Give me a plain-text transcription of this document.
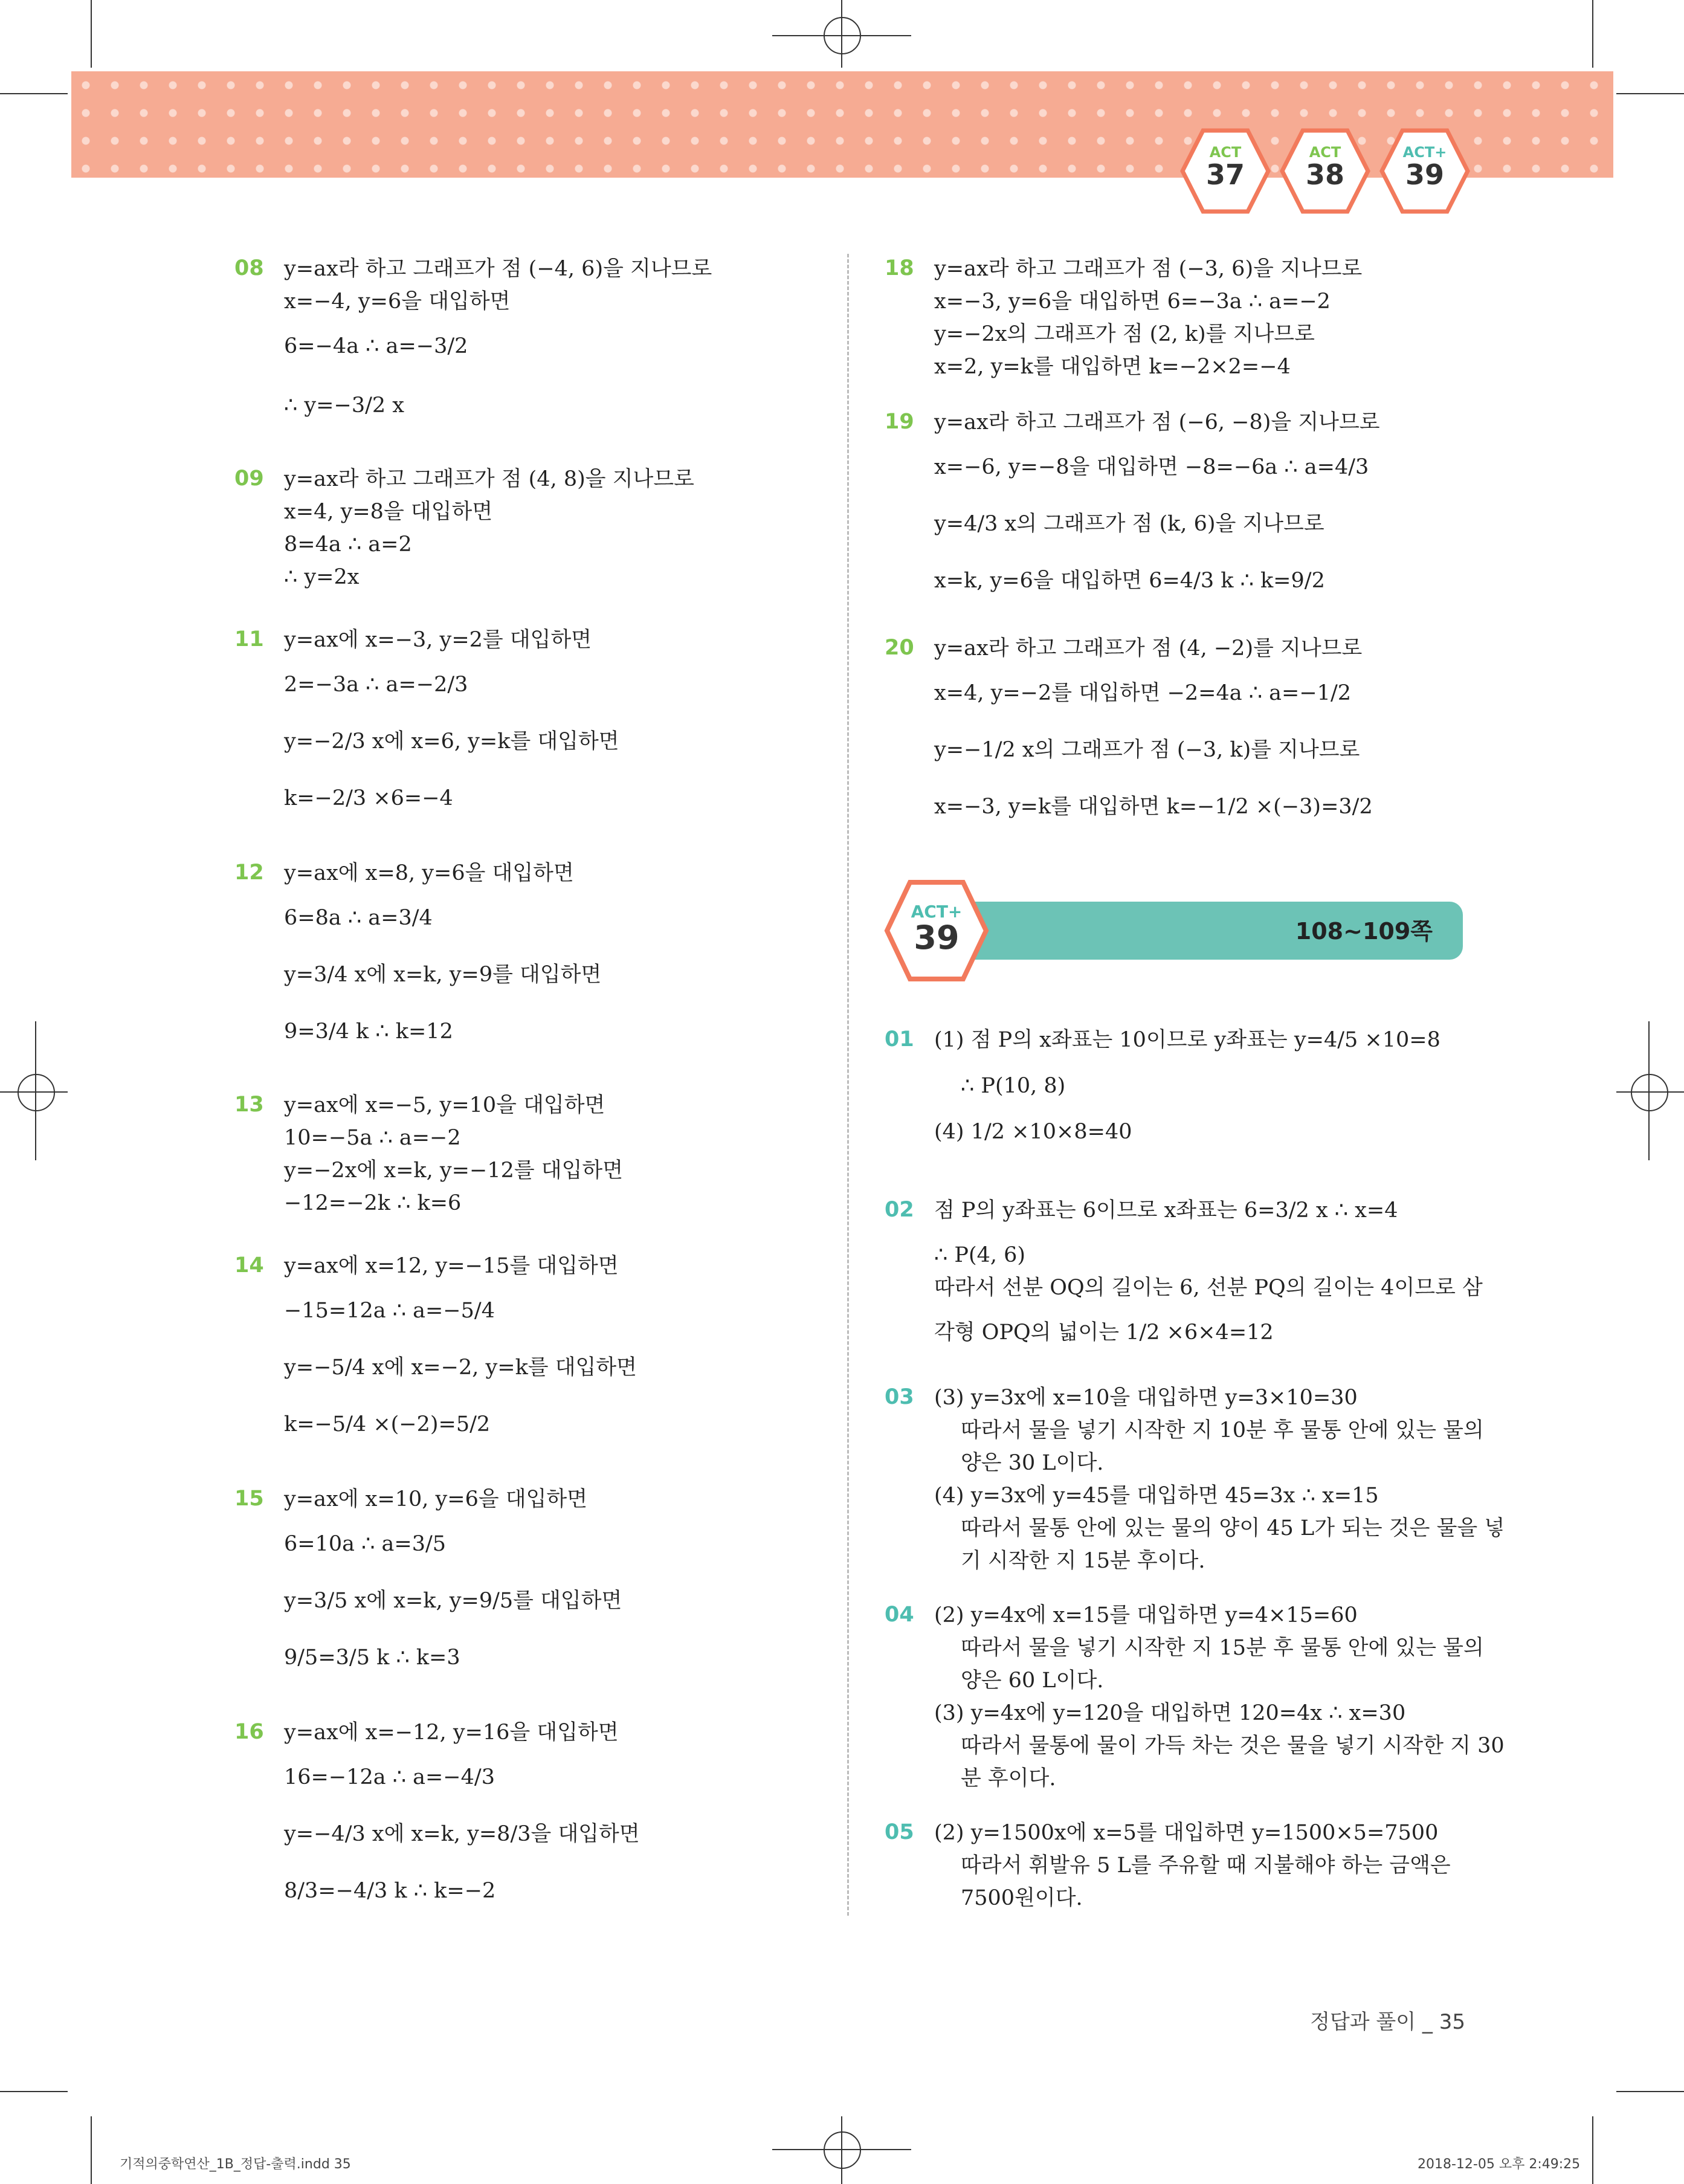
ACT
37
ACT
38
ACT+
39
08 y=ax라 하고 그래프가 점 (−4, 6)을 지나므로
x=−4, y=6을 대입하면
6=−4a ∴ a=−3/2
∴ y=−3/2 x
09 y=ax라 하고 그래프가 점 (4, 8)을 지나므로
x=4, y=8을 대입하면
8=4a ∴ a=2
∴ y=2x
11 y=ax에 x=−3, y=2를 대입하면
2=−3a ∴ a=−2/3
y=−2/3 x에 x=6, y=k를 대입하면
k=−2/3 ×6=−4
12 y=ax에 x=8, y=6을 대입하면
6=8a ∴ a=3/4
y=3/4 x에 x=k, y=9를 대입하면
9=3/4 k ∴ k=12
13 y=ax에 x=−5, y=10을 대입하면
10=−5a ∴ a=−2
y=−2x에 x=k, y=−12를 대입하면
−12=−2k ∴ k=6
14 y=ax에 x=12, y=−15를 대입하면
−15=12a ∴ a=−5/4
y=−5/4 x에 x=−2, y=k를 대입하면
k=−5/4 ×(−2)=5/2
15 y=ax에 x=10, y=6을 대입하면
6=10a ∴ a=3/5
y=3/5 x에 x=k, y=9/5를 대입하면
9/5=3/5 k ∴ k=3
16 y=ax에 x=−12, y=16을 대입하면
16=−12a ∴ a=−4/3
y=−4/3 x에 x=k, y=8/3을 대입하면
8/3=−4/3 k ∴ k=−2
18 y=ax라 하고 그래프가 점 (−3, 6)을 지나므로
x=−3, y=6을 대입하면 6=−3a ∴ a=−2
y=−2x의 그래프가 점 (2, k)를 지나므로
x=2, y=k를 대입하면 k=−2×2=−4
19 y=ax라 하고 그래프가 점 (−6, −8)을 지나므로
x=−6, y=−8을 대입하면 −8=−6a ∴ a=4/3
y=4/3 x의 그래프가 점 (k, 6)을 지나므로
x=k, y=6을 대입하면 6=4/3 k ∴ k=9/2
20 y=ax라 하고 그래프가 점 (4, −2)를 지나므로
x=4, y=−2를 대입하면 −2=4a ∴ a=−1/2
y=−1/2 x의 그래프가 점 (−3, k)를 지나므로
x=−3, y=k를 대입하면 k=−1/2 ×(−3)=3/2
108~109쪽
ACT+
39
01 (1) 점 P의 x좌표는 10이므로 y좌표는 y=4/5 ×10=8
∴ P(10, 8)
(4) 1/2 ×10×8=40
02 점 P의 y좌표는 6이므로 x좌표는 6=3/2 x ∴ x=4
∴ P(4, 6)
따라서 선분 OQ의 길이는 6, 선분 PQ의 길이는 4이므로 삼
각형 OPQ의 넓이는 1/2 ×6×4=12
03 (3) y=3x에 x=10을 대입하면 y=3×10=30
따라서 물을 넣기 시작한 지 10분 후 물통 안에 있는 물의
양은 30 L이다.
(4) y=3x에 y=45를 대입하면 45=3x ∴ x=15
따라서 물통 안에 있는 물의 양이 45 L가 되는 것은 물을 넣
기 시작한 지 15분 후이다.
04 (2) y=4x에 x=15를 대입하면 y=4×15=60
따라서 물을 넣기 시작한 지 15분 후 물통 안에 있는 물의
양은 60 L이다.
(3) y=4x에 y=120을 대입하면 120=4x ∴ x=30
따라서 물통에 물이 가득 차는 것은 물을 넣기 시작한 지 30
분 후이다.
05 (2) y=1500x에 x=5를 대입하면 y=1500×5=7500
따라서 휘발유 5 L를 주유할 때 지불해야 하는 금액은
7500원이다.
정답과 풀이 _ 35
기적의중학연산_1B_정답-출력.indd 35	2018-12-05 오후 2:49:25
